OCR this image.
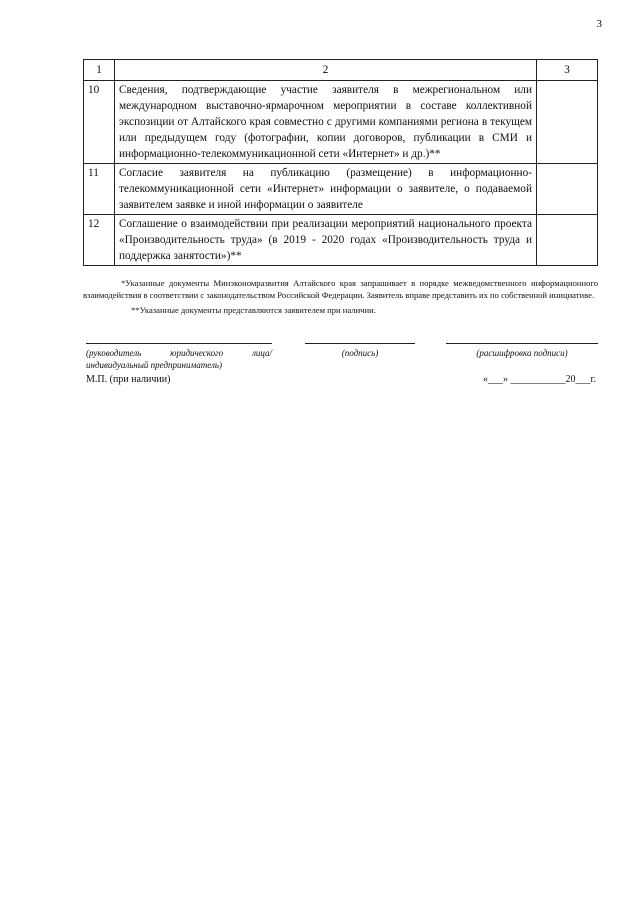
3
1	2	3
10	Сведения, подтверждающие участие заявителя в межрегиональном или международном выставочно-ярмарочном мероприятии в составе коллективной экспозиции от Алтайского края совместно с другими компаниями региона в текущем или предыдущем году (фотографии, копии договоров, публикации в СМИ и информационно-телекоммуникационной сети «Интернет» и др.)**	
11	Согласие заявителя на публикацию (размещение) в информационно-телекоммуникационной сети «Интернет» информации о заявителе, о подаваемой заявителем заявке и иной информации о заявителе	
12	Соглашение о взаимодействии при реализации мероприятий национального проекта «Производительность труда» (в 2019 - 2020 годах «Производительность труда и поддержка занятости»)**	

*Указанные документы Минэкономразвития Алтайского края запрашивает в порядке межведомственного информационного взаимодействия в соответствии с законодательством Российской Федерации. Заявитель вправе представить их по собственной инициативе.

**Указанные документы представляются заявителем при наличии.

(руководитель юридического лица/индивидуальный предприниматель)
(подпись)	(расшифровка подписи)
М.П. (при наличии)	«___» ___________20___г.
